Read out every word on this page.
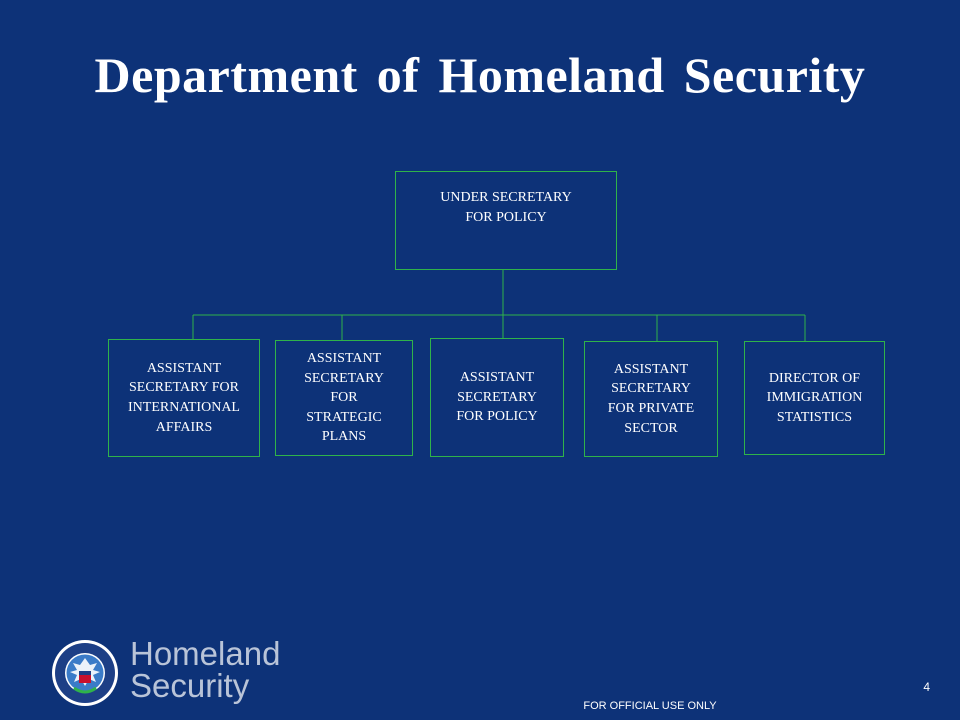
Department of Homeland Security
UNDER SECRETARY
FOR POLICY
ASSISTANT
SECRETARY FOR
INTERNATIONAL
AFFAIRS
ASSISTANT
SECRETARY
FOR
STRATEGIC
PLANS
ASSISTANT
SECRETARY
FOR POLICY
ASSISTANT
SECRETARY
FOR PRIVATE
SECTOR
DIRECTOR OF
IMMIGRATION
STATISTICS
Homeland
Security
FOR OFFICIAL USE ONLY
4
